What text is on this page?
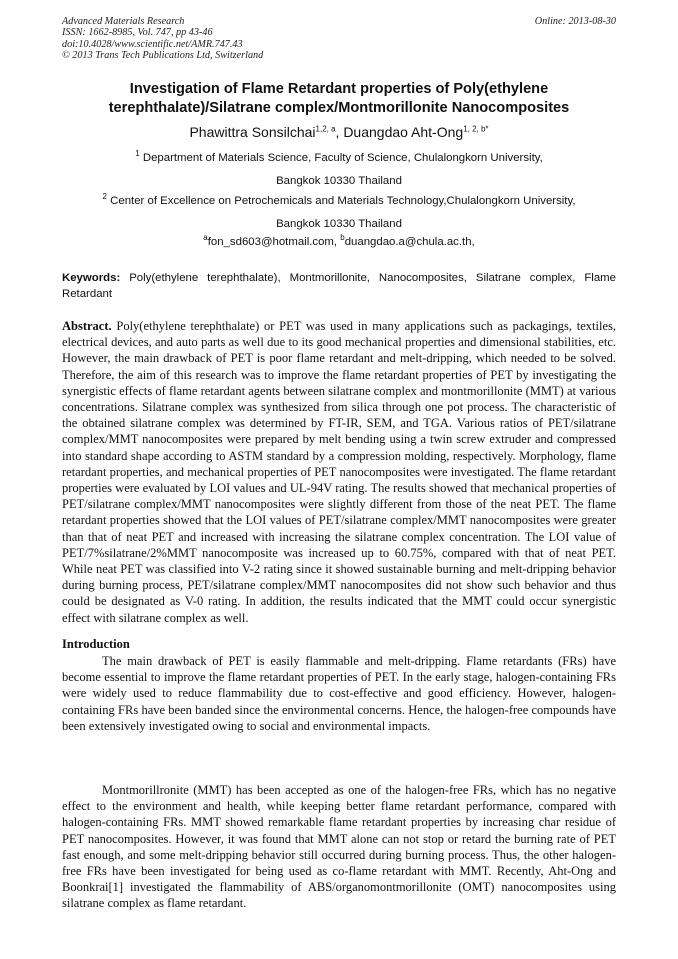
Advanced Materials Research
ISSN: 1662-8985, Vol. 747, pp 43-46
doi:10.4028/www.scientific.net/AMR.747.43
© 2013 Trans Tech Publications Ltd, Switzerland
Online: 2013-08-30
Investigation of Flame Retardant properties of Poly(ethylene terephthalate)/Silatrane complex/Montmorillonite Nanocomposites
Phawittra Sonsilchai$^{1,2, a}$, Duangdao Aht-Ong$^{1, 2, b*}$
$^1$ Department of Materials Science, Faculty of Science, Chulalongkorn University,
Bangkok 10330 Thailand
$^2$ Center of Excellence on Petrochemicals and Materials Technology,Chulalongkorn University,
Bangkok 10330 Thailand
$^a$fon_sd603@hotmail.com, $^b$duangdao.a@chula.ac.th,
Keywords: Poly(ethylene terephthalate), Montmorillonite, Nanocomposites, Silatrane complex, Flame Retardant

Abstract. Poly(ethylene terephthalate) or PET was used in many applications such as packagings, textiles, electrical devices, and auto parts as well due to its good mechanical properties and dimensional stabilities, etc. However, the main drawback of PET is poor flame retardant and melt-dripping, which needed to be solved. Therefore, the aim of this research was to improve the flame retardant properties of PET by investigating the synergistic effects of flame retardant agents between silatrane complex and montmorillonite (MMT) at various concentrations. Silatrane complex was synthesized from silica through one pot process. The characteristic of the obtained silatrane complex was determined by FT-IR, SEM, and TGA. Various ratios of PET/silatrane complex/MMT nanocomposites were prepared by melt bending using a twin screw extruder and compressed into standard shape according to ASTM standard by a compression molding, respectively. Morphology, flame retardant properties, and mechanical properties of PET nanocomposites were investigated. The flame retardant properties were evaluated by LOI values and UL-94V rating. The results showed that mechanical properties of PET/silatrane complex/MMT nanocomposites were slightly different from those of the neat PET. The flame retardant properties showed that the LOI values of PET/silatrane complex/MMT nanocomposites were greater than that of neat PET and increased with increasing the silatrane complex concentration. The LOI value of PET/7%silatrane/2%MMT nanocomposite was increased up to 60.75%, compared with that of neat PET. While neat PET was classified into V-2 rating since it showed sustainable burning and melt-dripping behavior during burning process, PET/silatrane complex/MMT nanocomposites did not show such behavior and thus could be designated as V-0 rating. In addition, the results indicated that the MMT could occur synergistic effect with silatrane complex as well.

Introduction

The main drawback of PET is easily flammable and melt-dripping. Flame retardants (FRs) have become essential to improve the flame retardant properties of PET. In the early stage, halogen-containing FRs were widely used to reduce flammability due to cost-effective and good efficiency. However, halogen-containing FRs have been banded since the environmental concerns. Hence, the halogen-free compounds have been extensively investigated owing to social and environmental impacts.

Montmorillronite (MMT) has been accepted as one of the halogen-free FRs, which has no negative effect to the environment and health, while keeping better flame retardant performance, compared with halogen-containing FRs. MMT showed remarkable flame retardant properties by increasing char residue of PET nanocomposites. However, it was found that MMT alone can not stop or retard the burning rate of PET fast enough, and some melt-dripping behavior still occurred during burning process. Thus, the other halogen-free FRs have been investigated for being used as co-flame retardant with MMT. Recently, Aht-Ong and Boonkrai[1] investigated the flammability of ABS/organomontmorillonite (OMT) nanocomposites using silatrane complex as flame retardant.
